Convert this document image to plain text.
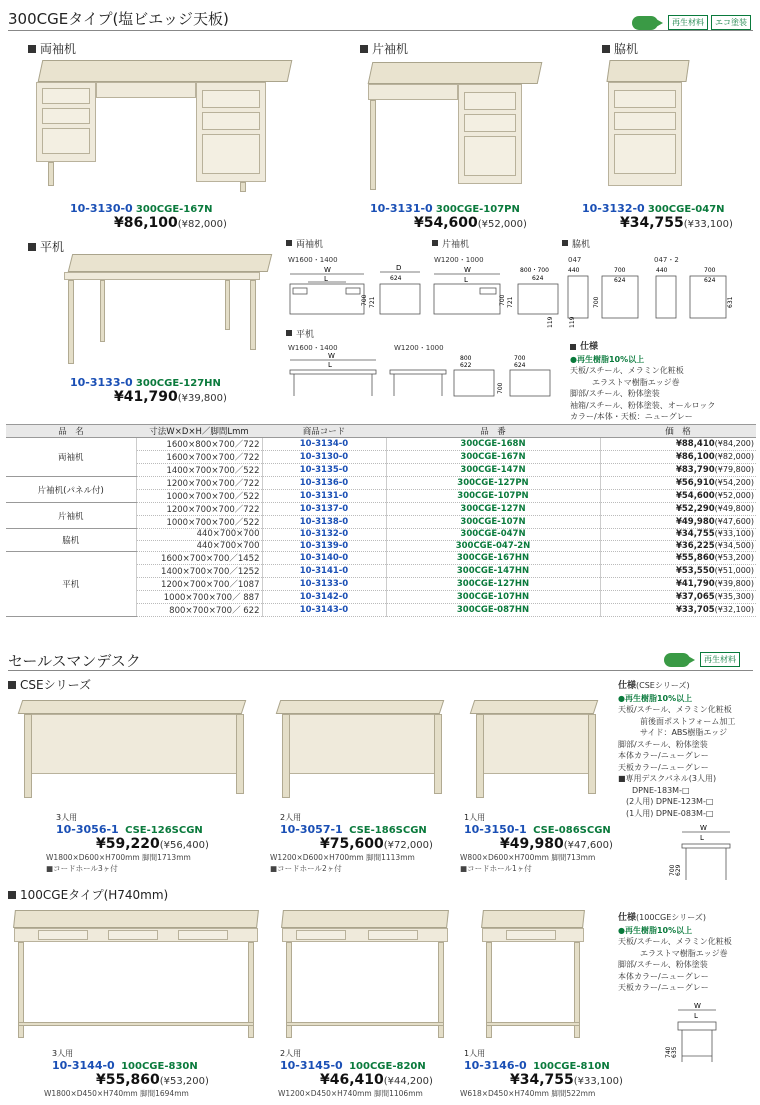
300CGEタイプ(塩ビエッジ天板)	再生材料	エコ塗装
両袖机	片袖机	脇机
10-3130-0 300CGE-167N
¥86,100(¥82,000)
10-3131-0 300CGE-107PN
¥54,600(¥52,000)
10-3132-0 300CGE-047N
¥34,755(¥33,100)
平机
10-3133-0 300CGE-127HN
¥41,790(¥39,800)
両袖机	片袖机	脇机
W1600・1400	W1200・1000	047	047・2
W
L
D
624
700 721
W
L
800・700
624
700 721
119
440	700
624
700
119
440	700
624
631
平机
W1600・1400	W1200・1000
W
L
800
622
700
624
700
仕様
●再生樹脂10%以上
天板/スチール、メラミン化粧板
エラストマ樹脂エッジ巻
脚部/スチール、粉体塗装
袖箱/スチール、粉体塗装、オールロック
カラー/本体・天板：ニューグレー
品　名	寸法W×D×H／脚間Lmm	商品コード	品　番	価　格
両袖机	1600×800×700／722	10-3134-0	300CGE-168N	¥88,410(¥84,200)
	1600×700×700／722	10-3130-0	300CGE-167N	¥86,100(¥82,000)
	1400×700×700／522	10-3135-0	300CGE-147N	¥83,790(¥79,800)
片袖机(パネル付)	1200×700×700／722	10-3136-0	300CGE-127PN	¥56,910(¥54,200)
	1000×700×700／522	10-3131-0	300CGE-107PN	¥54,600(¥52,000)
片袖机	1200×700×700／722	10-3137-0	300CGE-127N	¥52,290(¥49,800)
	1000×700×700／522	10-3138-0	300CGE-107N	¥49,980(¥47,600)
脇机	440×700×700	10-3132-0	300CGE-047N	¥34,755(¥33,100)
	440×700×700	10-3139-0	300CGE-047-2N	¥36,225(¥34,500)
平机	1600×700×700／1452	10-3140-0	300CGE-167HN	¥55,860(¥53,200)
	1400×700×700／1252	10-3141-0	300CGE-147HN	¥53,550(¥51,000)
	1200×700×700／1087	10-3133-0	300CGE-127HN	¥41,790(¥39,800)
	1000×700×700／ 887	10-3142-0	300CGE-107HN	¥37,065(¥35,300)
	800×700×700／ 622	10-3143-0	300CGE-087HN	¥33,705(¥32,100)
セールスマンデスク	再生材料
CSEシリーズ
3人用
10-3056-1 CSE-126SCGN
¥59,220(¥56,400)
W1800×D600×H700mm 脚間1713mm
■コードホール3ヶ付
2人用
10-3057-1 CSE-186SCGN
¥75,600(¥72,000)
W1200×D600×H700mm 脚間1113mm
■コードホール2ヶ付
1人用
10-3150-1 CSE-086SCGN
¥49,980(¥47,600)
W800×D600×H700mm 脚間713mm
■コードホール1ヶ付
仕様(CSEシリーズ)
●再生樹脂10%以上
天板/スチール、メラミン化粧板
前後面ポストフォーム加工
サイド：ABS樹脂エッジ
脚部/スチール、粉体塗装
本体カラー/ニューグレー
天板カラー/ニューグレー
■専用デスクパネル(3人用)
DPNE-183M-□
(2人用) DPNE-123M-□
(1人用) DPNE-083M-□
W
L
700 629
100CGEタイプ(H740mm)
3人用
10-3144-0 100CGE-830N
¥55,860(¥53,200)
W1800×D450×H740mm 脚間1694mm
2人用
10-3145-0 100CGE-820N
¥46,410(¥44,200)
W1200×D450×H740mm 脚間1106mm
1人用
10-3146-0 100CGE-810N
¥34,755(¥33,100)
W618×D450×H740mm 脚間522mm
仕様(100CGEシリーズ)
●再生樹脂10%以上
天板/スチール、メラミン化粧板
エラストマ樹脂エッジ巻
脚部/スチール、粉体塗装
本体カラー/ニューグレー
天板カラー/ニューグレー
W
L
740 635
